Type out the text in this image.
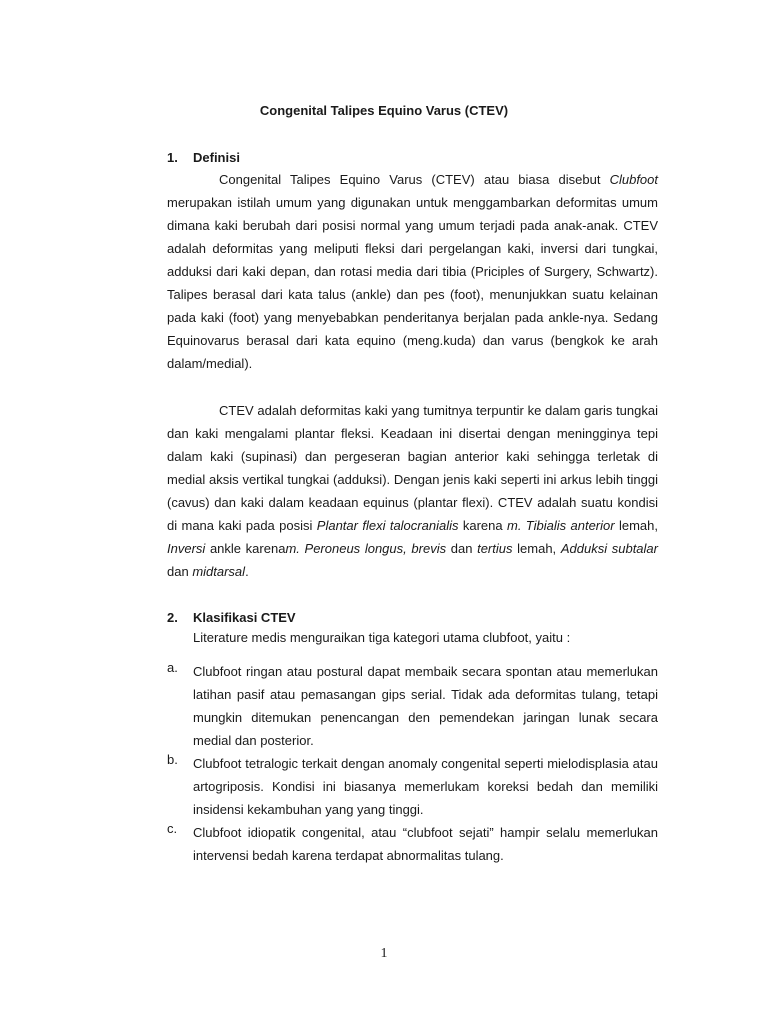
Congenital Talipes Equino Varus (CTEV)
1. Definisi
Congenital Talipes Equino Varus (CTEV) atau biasa disebut Clubfoot merupakan istilah umum yang digunakan untuk menggambarkan deformitas umum dimana kaki berubah dari posisi normal yang umum terjadi pada anak-anak. CTEV adalah deformitas yang meliputi fleksi dari pergelangan kaki, inversi dari tungkai, adduksi dari kaki depan, dan rotasi media dari tibia (Priciples of Surgery, Schwartz). Talipes berasal dari kata talus (ankle) dan pes (foot), menunjukkan suatu kelainan pada kaki (foot) yang menyebabkan penderitanya berjalan pada ankle-nya. Sedang Equinovarus berasal dari kata equino (meng.kuda) dan varus (bengkok ke arah dalam/medial).
CTEV adalah deformitas kaki yang tumitnya terpuntir ke dalam garis tungkai dan kaki mengalami plantar fleksi. Keadaan ini disertai dengan meningginya tepi dalam kaki (supinasi) dan pergeseran bagian anterior kaki sehingga terletak di medial aksis vertikal tungkai (adduksi). Dengan jenis kaki seperti ini arkus lebih tinggi (cavus) dan kaki dalam keadaan equinus (plantar flexi). CTEV adalah suatu kondisi di mana kaki pada posisi Plantar flexi talocranialis karena m. Tibialis anterior lemah, Inversi ankle karenam. Peroneus longus, brevis dan tertius lemah, Adduksi subtalar dan midtarsal.
2. Klasifikasi CTEV
Literature medis menguraikan tiga kategori utama clubfoot, yaitu :
a. Clubfoot ringan atau postural dapat membaik secara spontan atau memerlukan latihan pasif atau pemasangan gips serial. Tidak ada deformitas tulang, tetapi mungkin ditemukan penencangan den pemendekan jaringan lunak secara medial dan posterior.
b. Clubfoot tetralogic terkait dengan anomaly congenital seperti mielodisplasia atau artogriposis. Kondisi ini biasanya memerlukam koreksi bedah dan memiliki insidensi kekambuhan yang yang tinggi.
c. Clubfoot idiopatik congenital, atau “clubfoot sejati” hampir selalu memerlukan intervensi bedah karena terdapat abnormalitas tulang.
1
